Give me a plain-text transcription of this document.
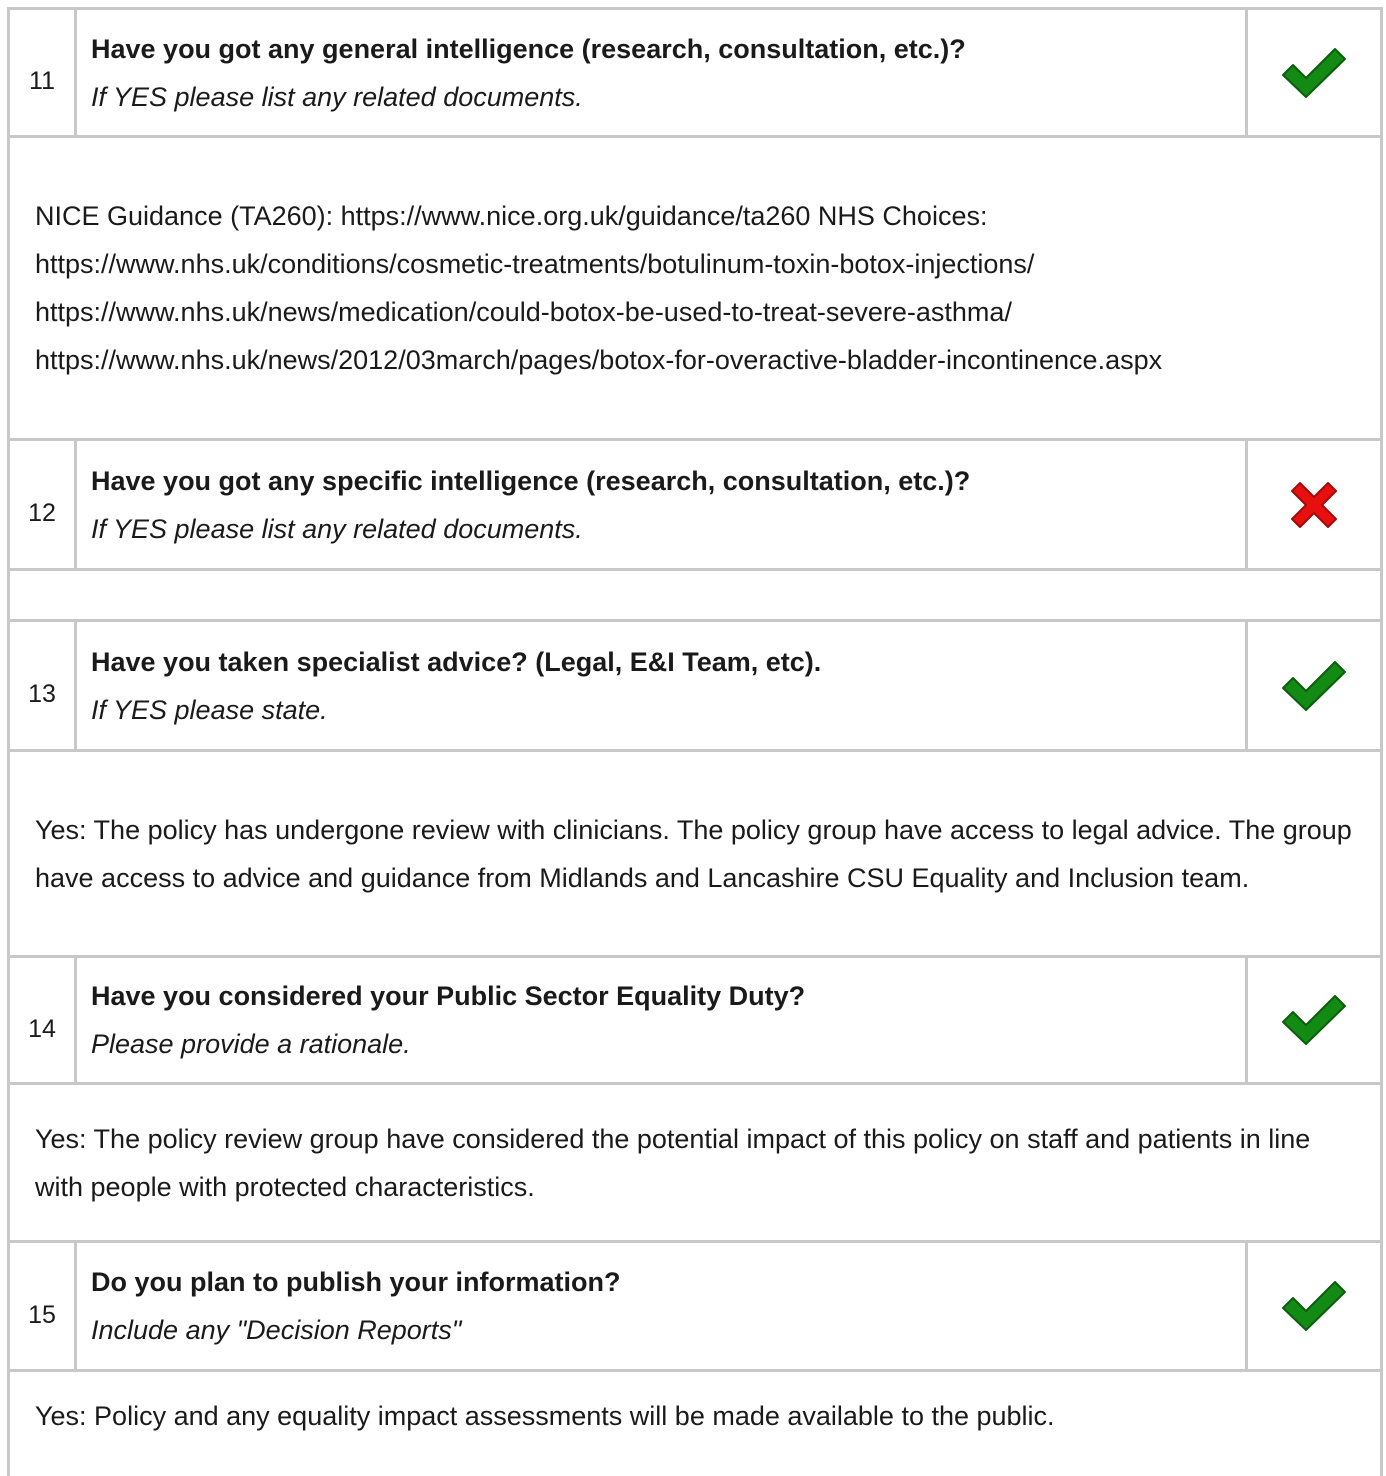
11
Have you got any general intelligence (research, consultation, etc.)?
If YES please list any related documents.
NICE Guidance (TA260): https://www.nice.org.uk/guidance/ta260 NHS Choices: https://www.nhs.uk/conditions/cosmetic-treatments/botulinum-toxin-botox-injections/ https://www.nhs.uk/news/medication/could-botox-be-used-to-treat-severe-asthma/ https://www.nhs.uk/news/2012/03march/pages/botox-for-overactive-bladder-incontinence.aspx
12
Have you got any specific intelligence (research, consultation, etc.)?
If YES please list any related documents.
13
Have you taken specialist advice? (Legal, E&I Team, etc).
If YES please state.
Yes: The policy has undergone review with clinicians. The policy group have access to legal advice. The group have access to advice and guidance from Midlands and Lancashire CSU Equality and Inclusion team.
14
Have you considered your Public Sector Equality Duty?
Please provide a rationale.
Yes: The policy review group have considered the potential impact of this policy on staff and patients in line with people with protected characteristics.
15
Do you plan to publish your information?
Include any "Decision Reports"
Yes: Policy and any equality impact assessments will be made available to the public.
